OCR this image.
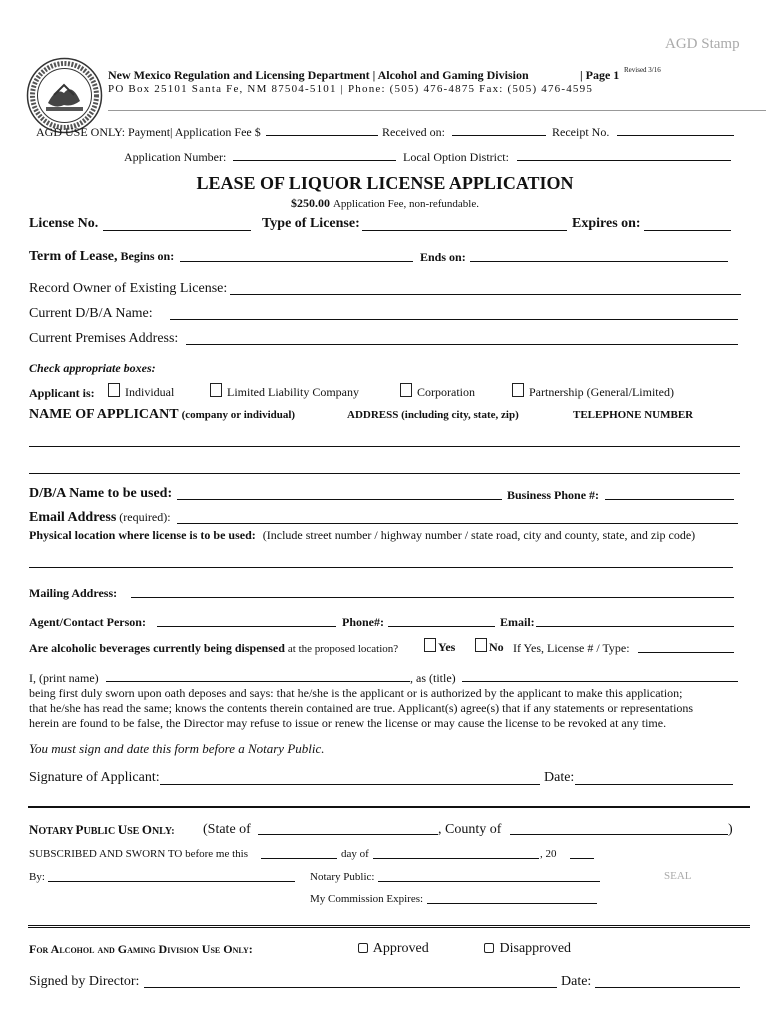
AGD Stamp
New Mexico Regulation and Licensing Department | Alcohol and Gaming Division	| Page 1 Revised 3/16
PO Box 25101 Santa Fe, NM 87504-5101 | Phone: (505) 476-4875 Fax: (505) 476-4595
AGD USE ONLY: Payment| Application Fee $	Received on:	Receipt No.
Application Number:	Local Option District:
LEASE OF LIQUOR LICENSE APPLICATION
$250.00 Application Fee, non-refundable.
License No.	Type of License:	Expires on:
Term of Lease, Begins on:	Ends on:
Record Owner of Existing License:
Current D/B/A Name:
Current Premises Address:
Check appropriate boxes:
Applicant is:	Individual	Limited Liability Company	Corporation	Partnership (General/Limited)
NAME OF APPLICANT (company or individual)	ADDRESS (including city, state, zip)	TELEPHONE NUMBER
D/B/A Name to be used:	Business Phone #:
Email Address (required):
Physical location where license is to be used: (Include street number / highway number / state road, city and county, state, and zip code)
Mailing Address:
Agent/Contact Person:	Phone#:	Email:
Are alcoholic beverages currently being dispensed at the proposed location?	Yes	No If Yes, License # / Type:
I, (print name)	, as (title)
being first duly sworn upon oath deposes and says: that he/she is the applicant or is authorized by the applicant to make this application;
that he/she has read the same; knows the contents therein contained are true. Applicant(s) agree(s) that if any statements or representations
herein are found to be false, the Director may refuse to issue or renew the license or may cause the license to be revoked at any time.
You must sign and date this form before a Notary Public.
Signature of Applicant:	Date:
NOTARY PUBLIC USE ONLY: (State of	, County of	)
SUBSCRIBED AND SWORN TO before me this	day of	, 20
By:	Notary Public:	SEAL
My Commission Expires:
For Alcohol and Gaming Division Use Only:	Approved	Disapproved
Signed by Director:	Date:
